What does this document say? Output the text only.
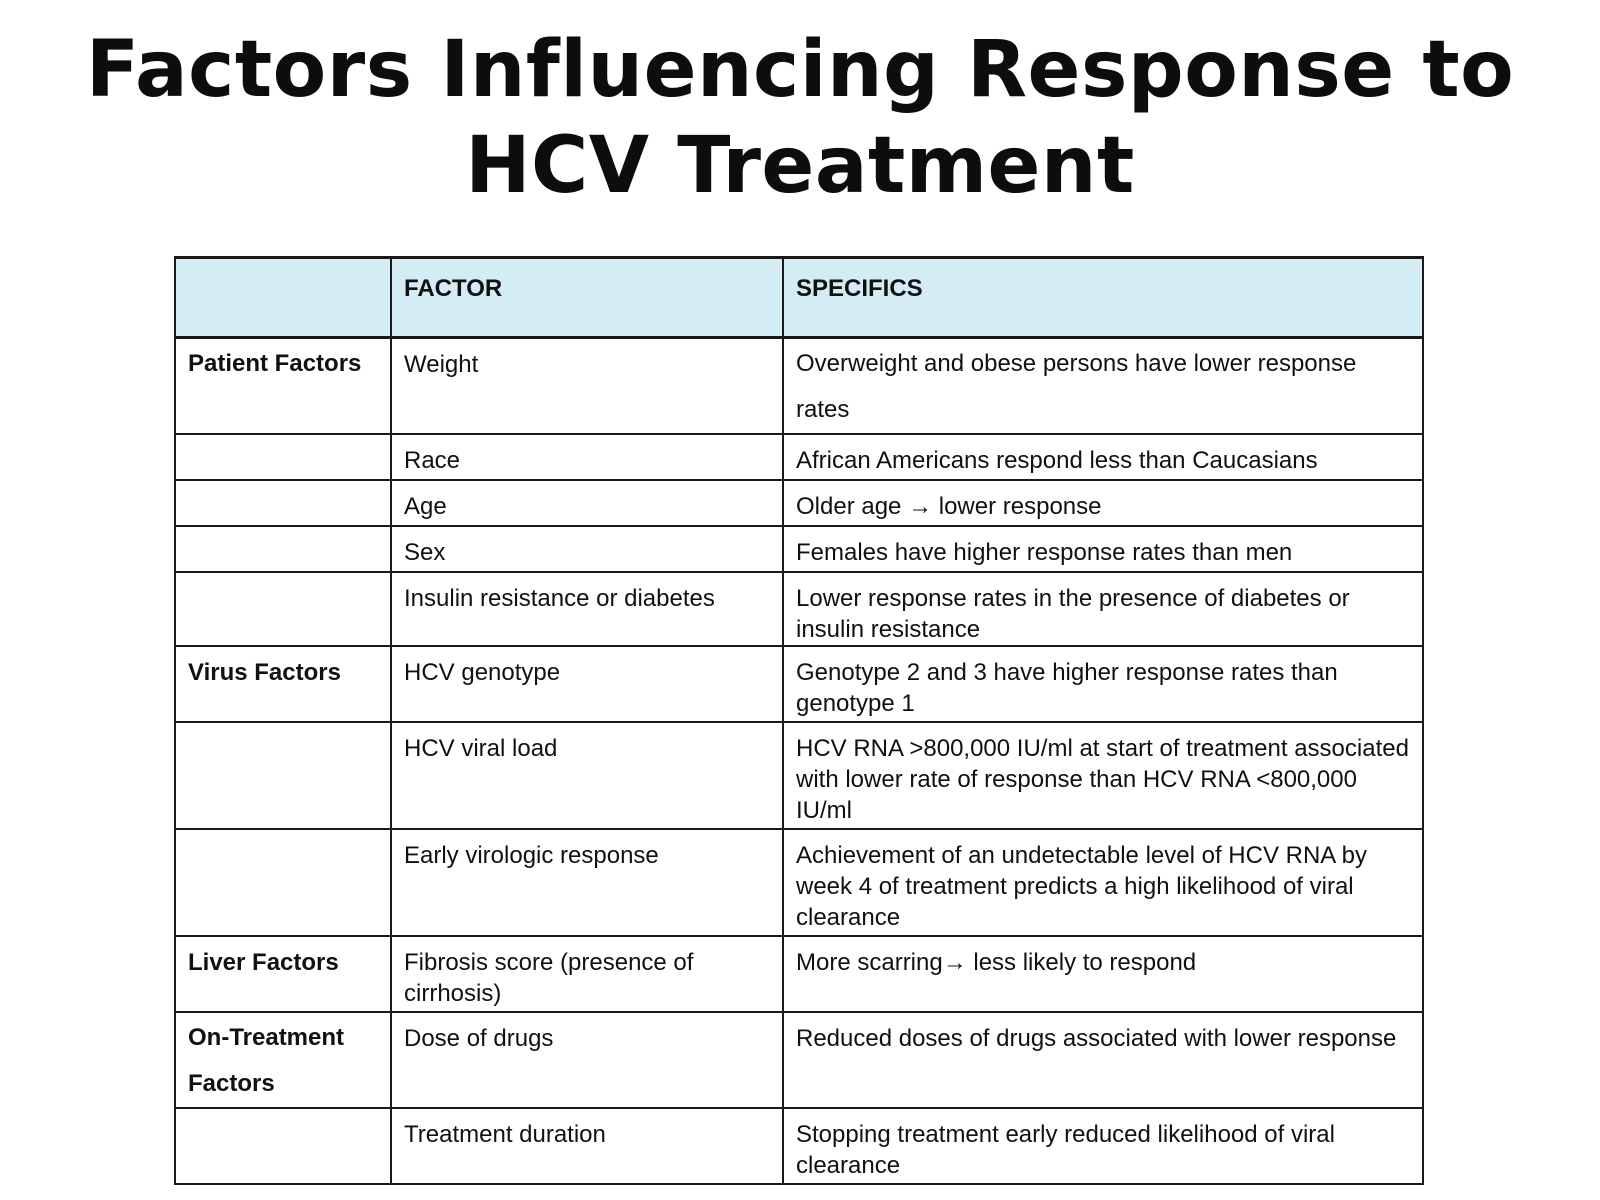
Factors Influencing Response to HCV Treatment
	FACTOR	SPECIFICS
Patient Factors	Weight	Overweight and obese persons have lower response rates
	Race	African Americans respond less than Caucasians
	Age	Older age → lower response
	Sex	Females have higher response rates than men
	Insulin resistance or diabetes	Lower response rates in the presence of diabetes or insulin resistance
Virus Factors	HCV genotype	Genotype 2 and 3 have higher response rates than genotype 1
	HCV viral load	HCV RNA >800,000 IU/ml at start of treatment associated with lower rate of response than HCV RNA <800,000 IU/ml
	Early virologic response	Achievement of an undetectable level of HCV RNA by week 4 of treatment predicts a high likelihood of viral clearance
Liver Factors	Fibrosis score (presence of cirrhosis)	More scarring→ less likely to respond
On-Treatment Factors	Dose of drugs	Reduced doses of drugs associated with lower response
	Treatment duration	Stopping treatment early reduced likelihood of viral clearance
